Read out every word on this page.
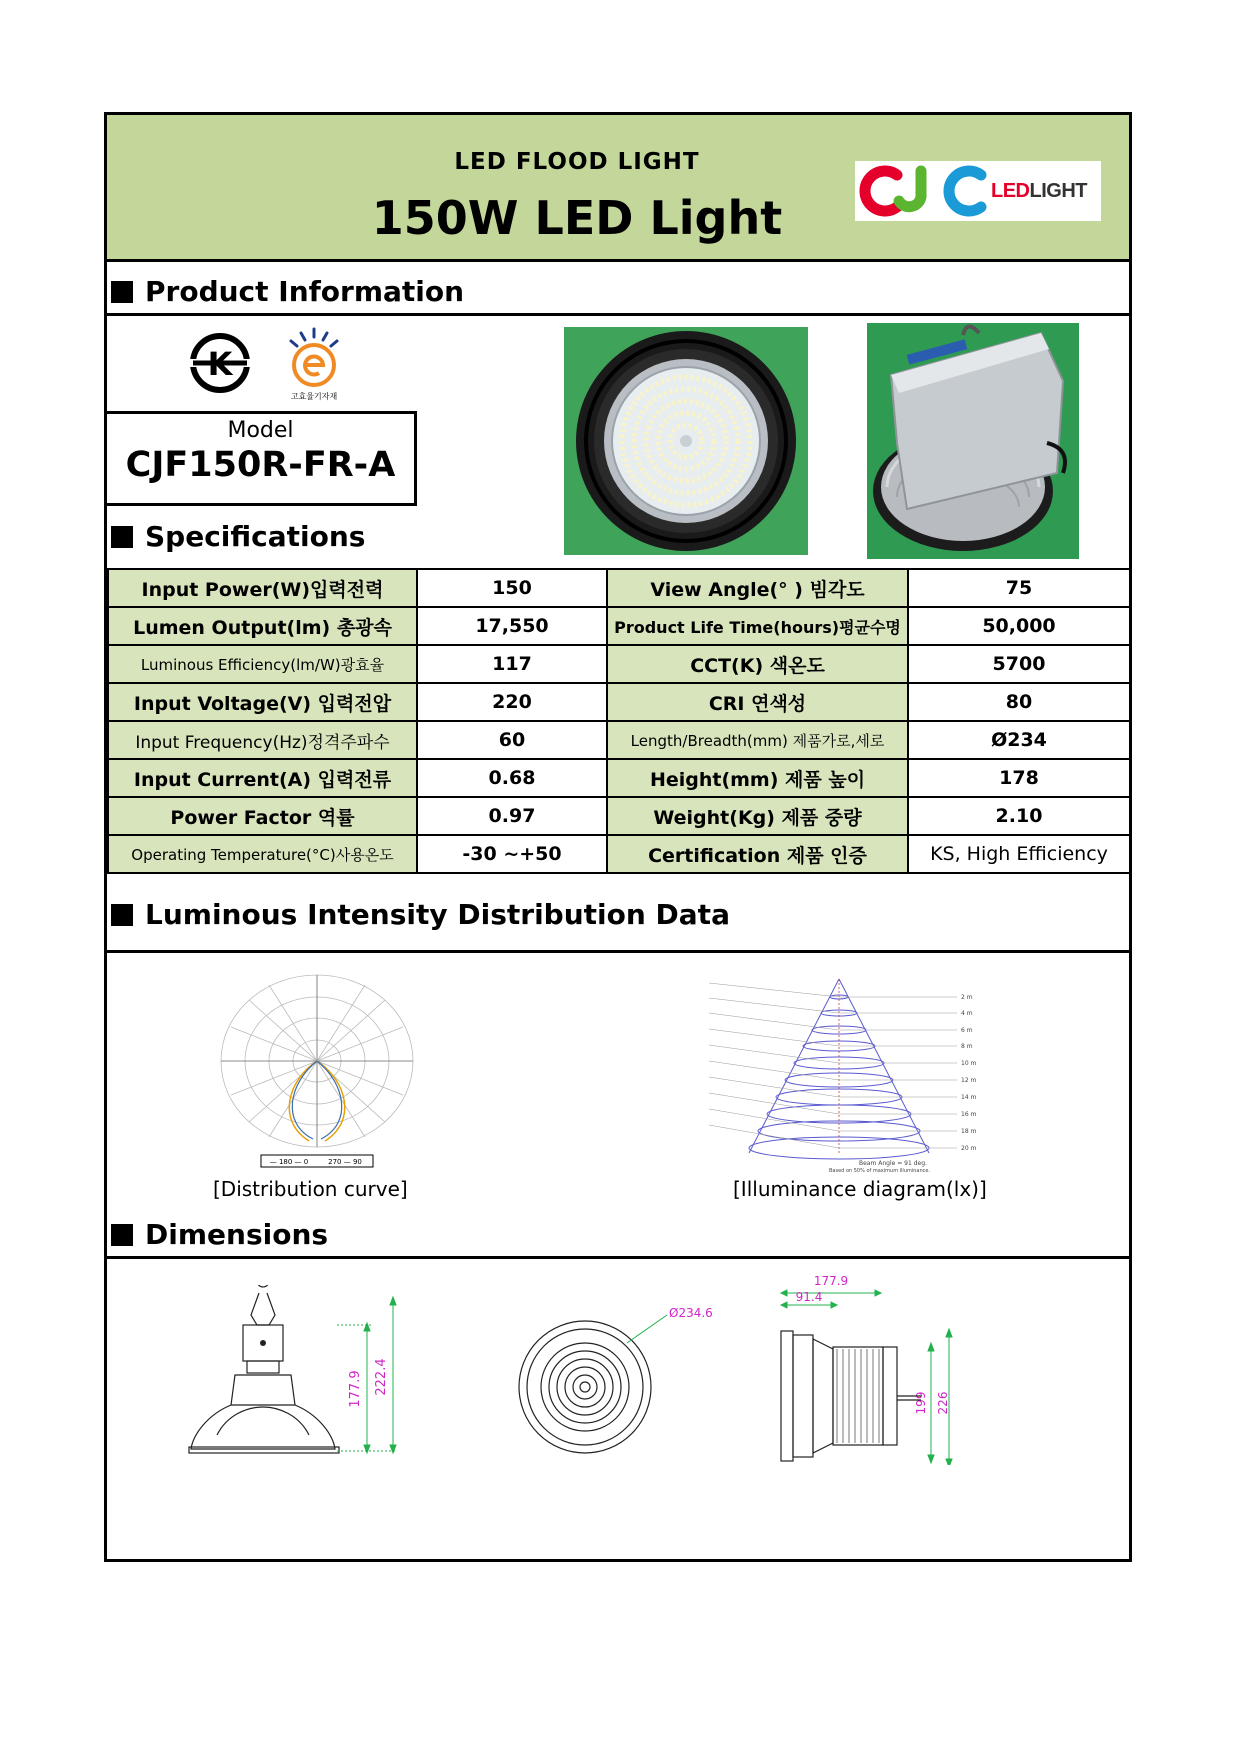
LED FLOOD LIGHT
150W LED Light
LEDLIGHT
Product Information
K
고효율기자재
Model
CJF150R-FR-A
Specifications
Input Power(W)입력전력	150	View Angle(° ) 빔각도	75
Lumen Output(lm) 총광속	17,550	Product Life Time(hours)평균수명	50,000
Luminous Efficiency(lm/W)광효율	117	CCT(K) 색온도	5700
Input Voltage(V) 입력전압	220	CRI 연색성	80
Input Frequency(Hz)정격주파수	60	Length/Breadth(mm) 제품가로,세로	Ø234
Input Current(A) 입력전류	0.68	Height(mm) 제품 높이	178
Power Factor 역률	0.97	Weight(Kg) 제품 중량	2.10
Operating Temperature(°C)사용온도	-30 ~+50	Certification 제품 인증	KS, High Efficiency
Luminous Intensity Distribution Data
— 180 — 0	270 — 90
[Distribution curve]
2 m
4 m
6 m
8 m
10 m
12 m
14 m
16 m
18 m
20 m
Beam Angle = 91 deg.
Based on 50% of maximum illuminance.
[Illuminance diagram(lx)]
Dimensions
177.9 222.4
Ø234.6
177.9
91.4
199 226
